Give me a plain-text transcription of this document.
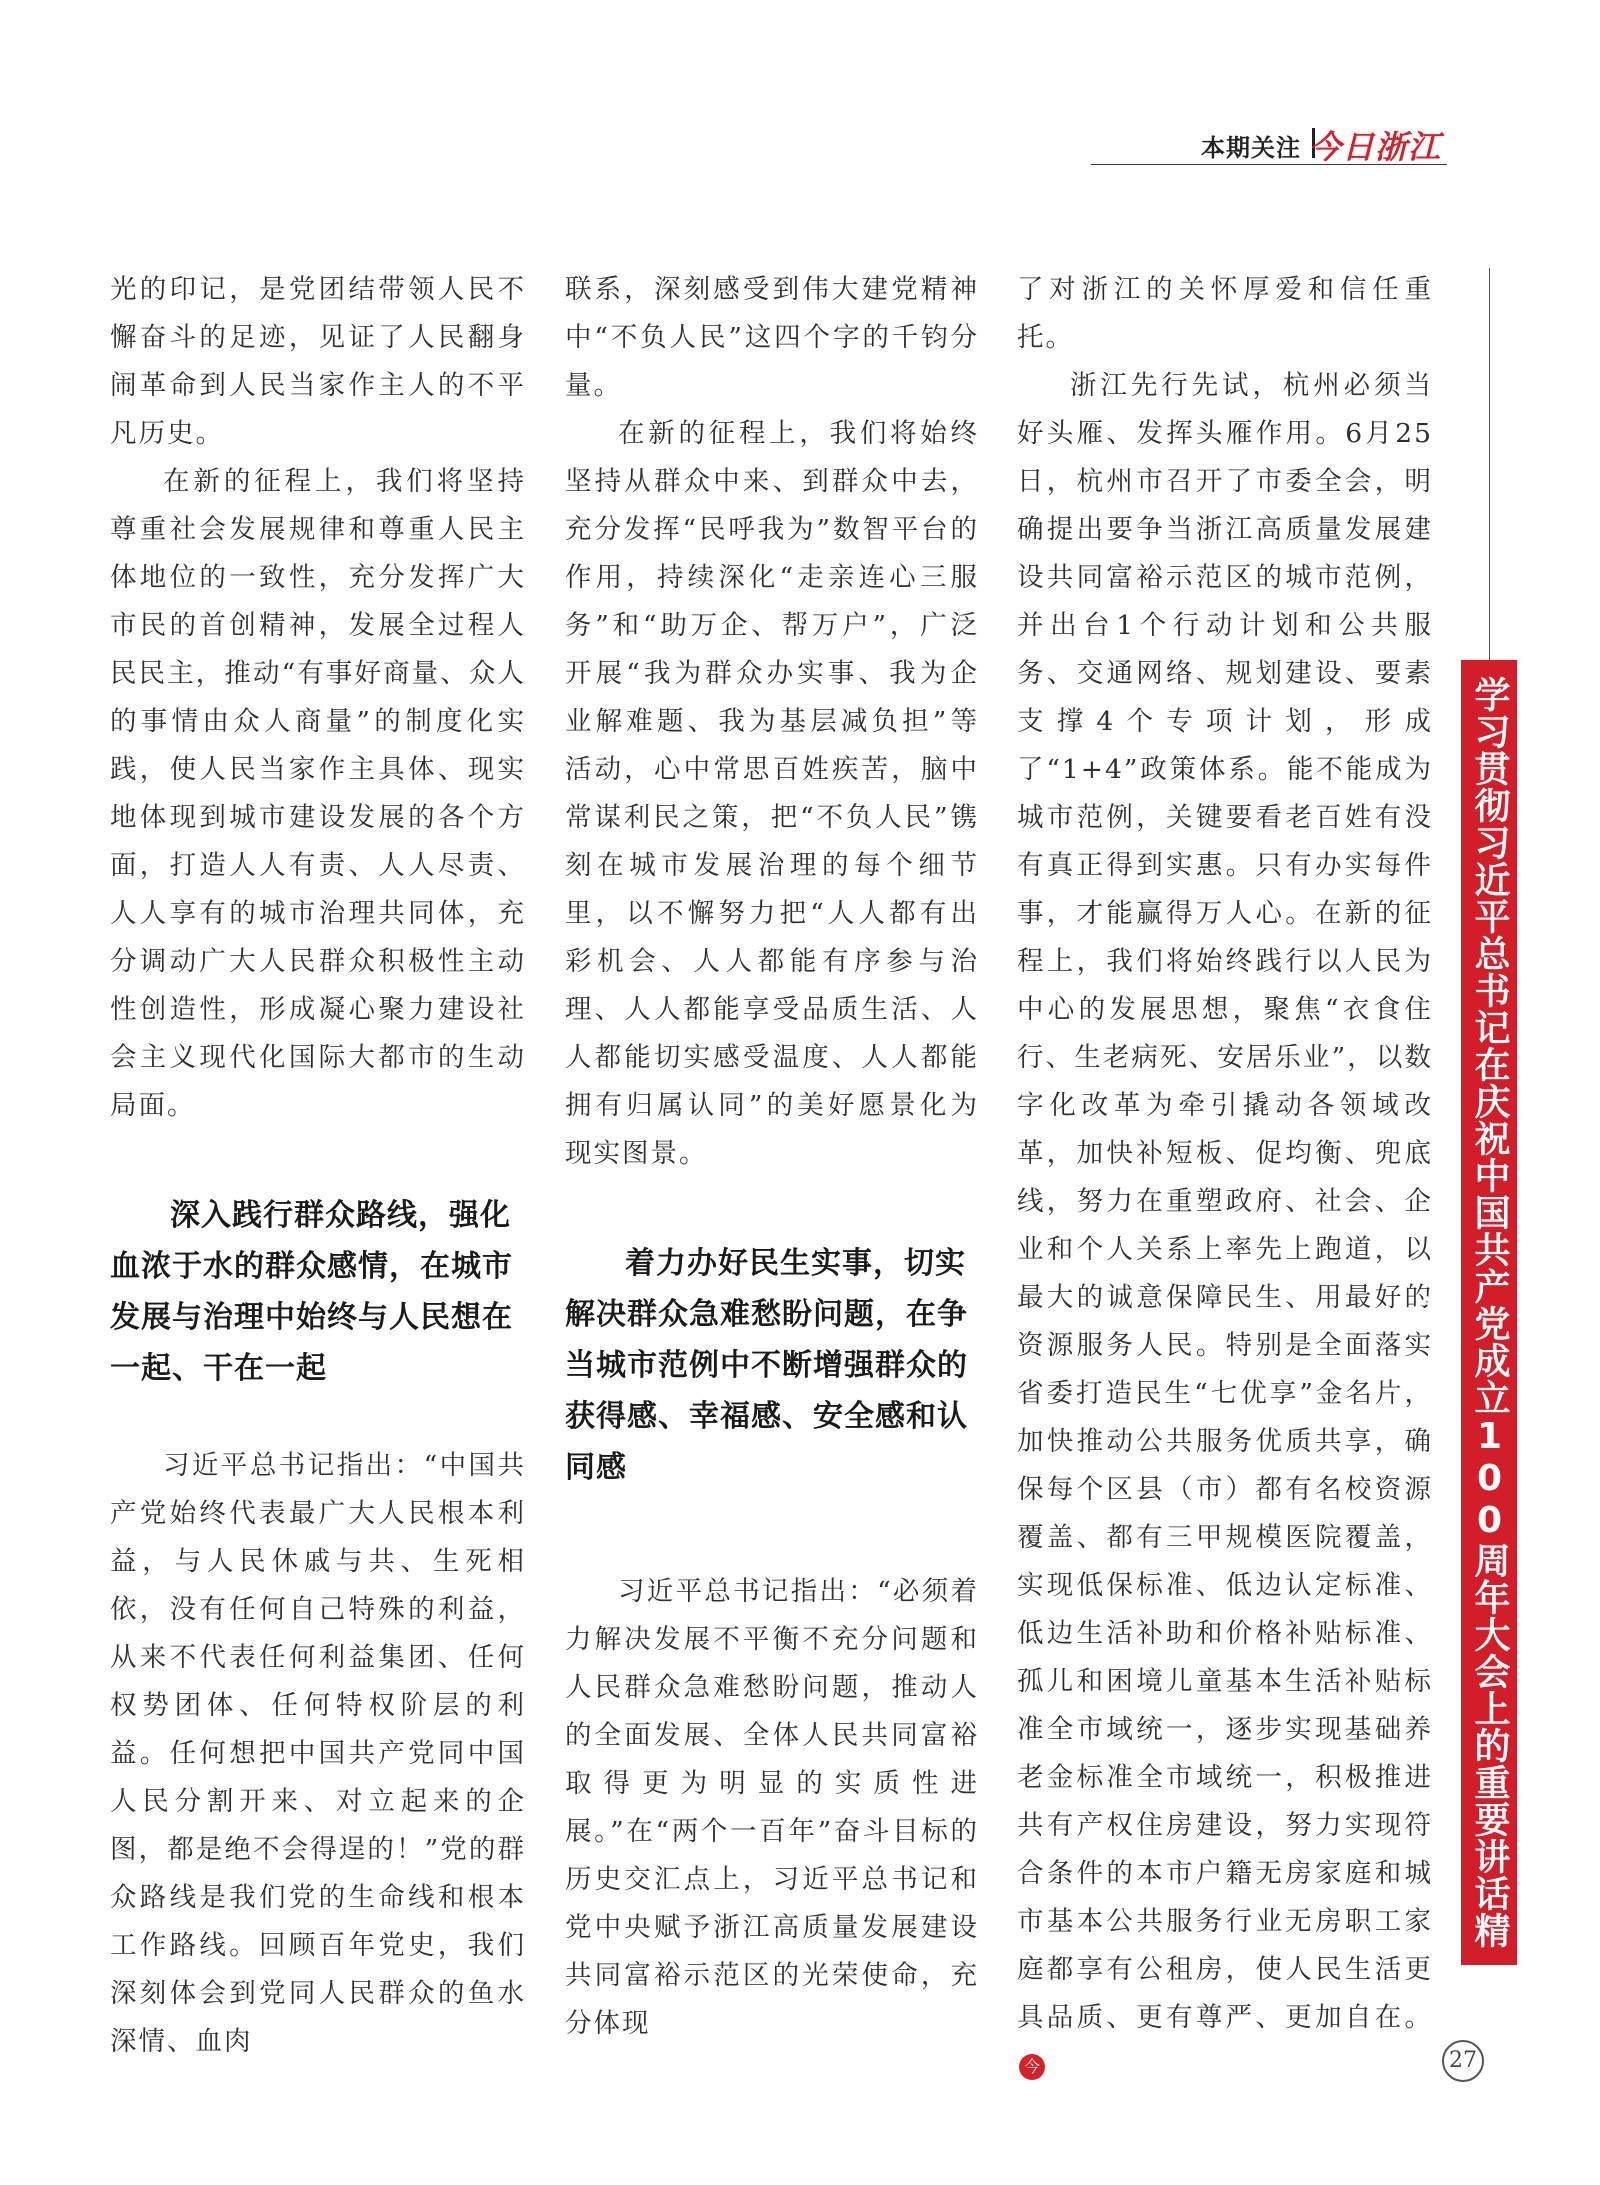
本期关注 今日浙江

光的印记，是党团结带领人民不懈奋斗的足迹，见证了人民翻身闹革命到人民当家作主人的不平凡历史。

在新的征程上，我们将坚持尊重社会发展规律和尊重人民主体地位的一致性，充分发挥广大市民的首创精神，发展全过程人民民主，推动“有事好商量、众人的事情由众人商量”的制度化实践，使人民当家作主具体、现实地体现到城市建设发展的各个方面，打造人人有责、人人尽责、人人享有的城市治理共同体，充分调动广大人民群众积极性主动性创造性，形成凝心聚力建设社会主义现代化国际大都市的生动局面。

深入践行群众路线，强化
血浓于水的群众感情，在城市发展与治理中始终与人民想在一起、干在一起

习近平总书记指出：“中国共产党始终代表最广大人民根本利益，与人民休戚与共、生死相依，没有任何自己特殊的利益，从来不代表任何利益集团、任何权势团体、任何特权阶层的利益。任何想把中国共产党同中国人民分割开来、对立起来的企图，都是绝不会得逞的！”党的群众路线是我们党的生命线和根本工作路线。回顾百年党史，我们深刻体会到党同人民群众的鱼水深情、血肉

联系，深刻感受到伟大建党精神中“不负人民”这四个字的千钧分量。

在新的征程上，我们将始终坚持从群众中来、到群众中去，充分发挥“民呼我为”数智平台的作用，持续深化“走亲连心三服务”和“助万企、帮万户”，广泛开展“我为群众办实事、我为企业解难题、我为基层减负担”等活动，心中常思百姓疾苦，脑中常谋利民之策，把“不负人民”镌刻在城市发展治理的每个细节里，以不懈努力把“人人都有出彩机会、人人都能有序参与治理、人人都能享受品质生活、人人都能切实感受温度、人人都能拥有归属认同”的美好愿景化为现实图景。

着力办好民生实事，切实
解决群众急难愁盼问题，在争当城市范例中不断增强群众的获得感、幸福感、安全感和认同感

习近平总书记指出：“必须着力解决发展不平衡不充分问题和人民群众急难愁盼问题，推动人的全面发展、全体人民共同富裕取得更为明显的实质性进展。”在“两个一百年”奋斗目标的历史交汇点上，习近平总书记和党中央赋予浙江高质量发展建设共同富裕示范区的光荣使命，充分体现

了对浙江的关怀厚爱和信任重托。

浙江先行先试，杭州必须当好头雁、发挥头雁作用。6月25日，杭州市召开了市委全会，明确提出要争当浙江高质量发展建设共同富裕示范区的城市范例，并出台1个行动计划和公共服务、交通网络、规划建设、要素支撑4个专项计划，形成了“1+4”政策体系。能不能成为城市范例，关键要看老百姓有没有真正得到实惠。只有办实每件事，才能赢得万人心。在新的征程上，我们将始终践行以人民为中心的发展思想，聚焦“衣食住行、生老病死、安居乐业”，以数字化改革为牵引撬动各领域改革，加快补短板、促均衡、兜底线，努力在重塑政府、社会、企业和个人关系上率先上跑道，以最大的诚意保障民生、用最好的资源服务人民。特别是全面落实省委打造民生“七优享”金名片，加快推动公共服务优质共享，确保每个区县（市）都有名校资源覆盖、都有三甲规模医院覆盖，实现低保标准、低边认定标准、低边生活补助和价格补贴标准、孤儿和困境儿童基本生活补贴标准全市域统一，逐步实现基础养老金标准全市域统一，积极推进共有产权住房建设，努力实现符合条件的本市户籍无房家庭和城市基本公共服务行业无房职工家庭都享有公租房，使人民生活更具品质、更有尊严、更加自在。今

学习贯彻习近平总书记在庆祝中国共产党成立100周年大会上的重要讲话精神
27
